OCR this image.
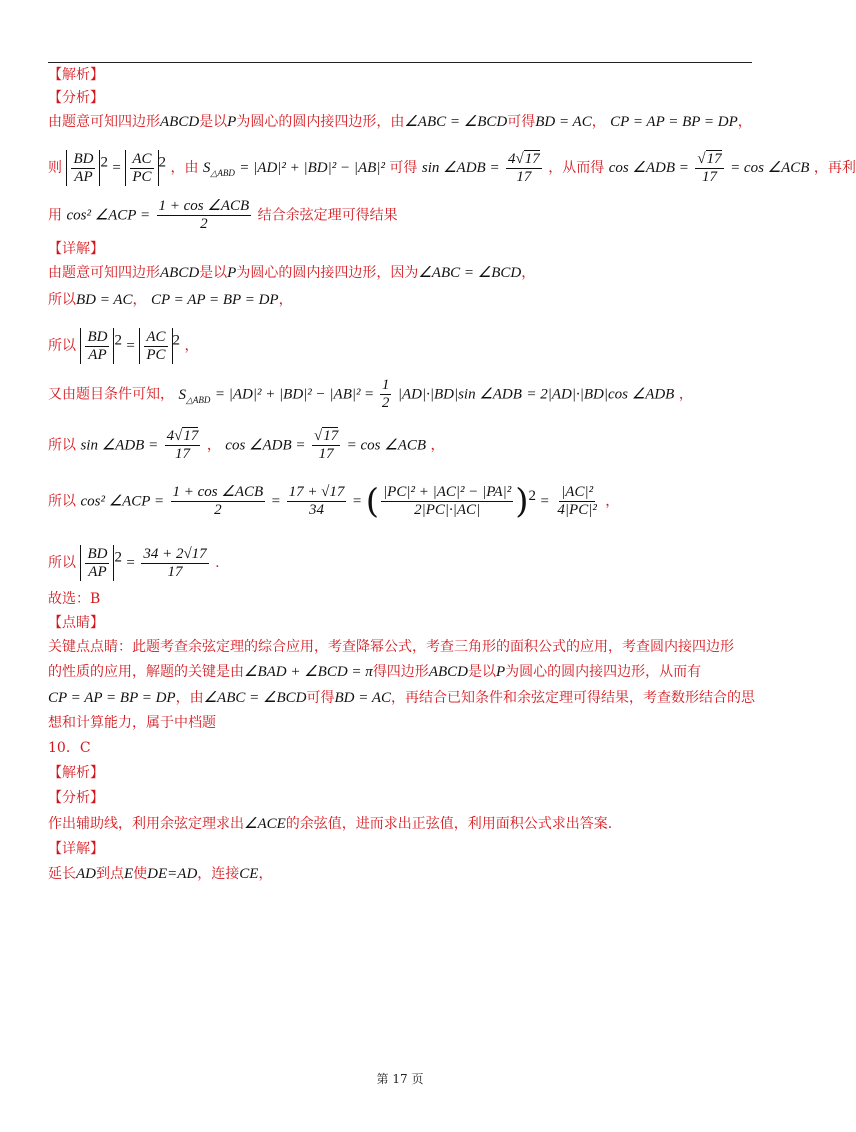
【解析】
【分析】
由题意可知四边形ABCD是以P为圆心的圆内接四边形，由∠ABC = ∠BCD可得BD = AC， CP = AP = BP = DP，
则 $\frac{BD}{AP} ^2 = \frac{AC}{PC} ^2$ ，由 $S_{\triangle ABD} = |AD|^2 + |BD|^2 - |AB|^2$ 可得 sin ∠ADB = $\frac{4√17}{17}$ ，从而得 cos ∠ADB = $\frac{√17}{17} = \cos$ ∠ACB ，再利
用 cos² ∠ACP = $\frac{\text{1 + cos ∠ACB}}{2}$ 结合余弦定理可得结果
【详解】
由题意可知四边形ABCD是以P为圆心的圆内接四边形，因为∠ABC = ∠BCD，
所以BD = AC， CP = AP = BP = DP，
所以 $\frac{BD}{AP} ^2 = \frac{AC}{PC} ^2$ ，
又由题目条件可知， $S_{\triangle ABD} = |AD|^2 + |BD|^2 - |AB|^2 = \frac{1}{2} |AD|\cdot|BD|\sin$ ∠ADB = 2|AD|·|BD|cos ∠ADB ，
所以 sin ∠ADB = $\frac{4√17}{17}$ ， cos ∠ADB = $\frac{√17}{17} = \cos$ ∠ACB ，
所以 cos² ∠ACP = $\frac{\text{1 + cos ∠ACB}}{2} = \frac{17 + √17}{34}$ = ( $\frac{\text{|PC|² + |AC|² − |PA|²}}{2|PC|\cdot|AC|} )^2 = \frac{\text{|AC|²}}{\text{4|PC|²}}$ ，
所以 $\frac{BD}{AP} ^2 = \frac{34 + 2√17}{17}$ .
故选：B
【点睛】
关键点点睛：此题考查余弦定理的综合应用，考查降幂公式，考查三角形的面积公式的应用，考查圆内接四边形
的性质的应用，解题的关键是由∠BAD + ∠BCD = π得四边形ABCD是以P为圆心的圆内接四边形，从而有
CP = AP = BP = DP，由∠ABC = ∠BCD可得BD = AC，再结合已知条件和余弦定理可得结果，考查数形结合的思
想和计算能力，属于中档题
10．C
【解析】
【分析】
作出辅助线，利用余弦定理求出∠ACE的余弦值，进而求出正弦值，利用面积公式求出答案.
【详解】
延长AD到点E使DE=AD，连接CE，
第 17 页
